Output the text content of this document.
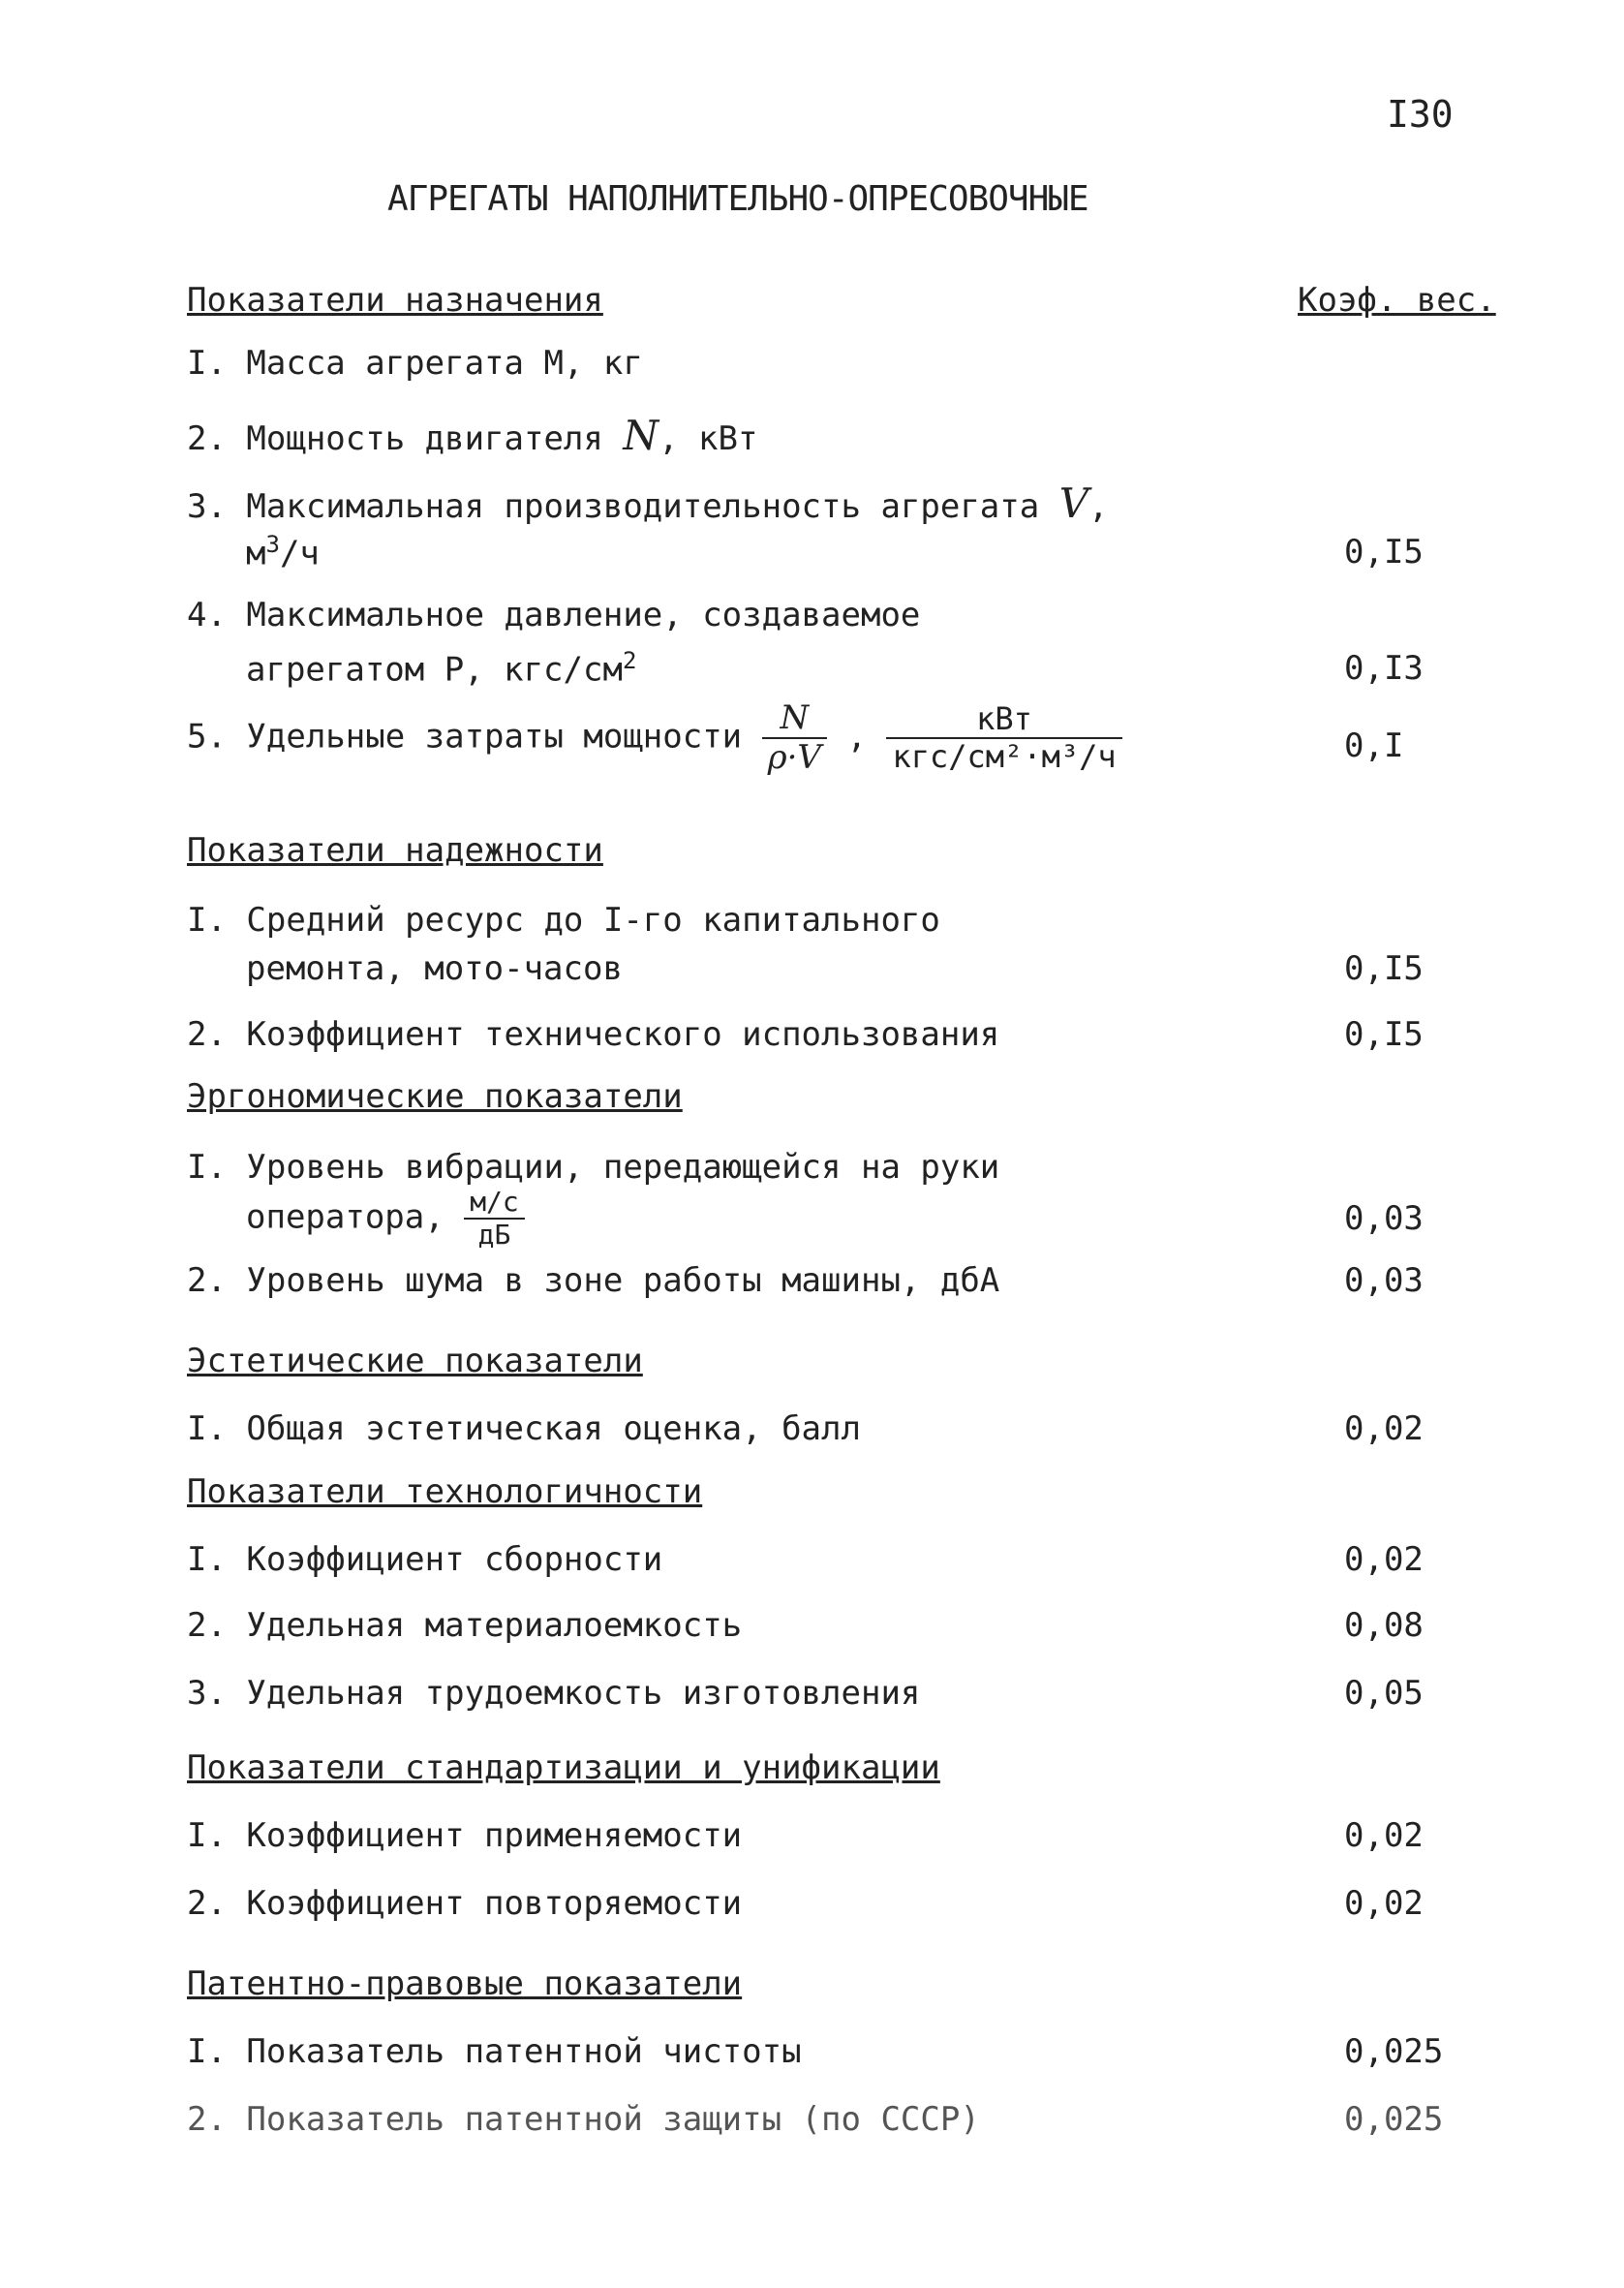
I30
АГРЕГАТЫ НАПОЛНИТЕЛЬНО-ОПРЕСОВОЧНЫЕ
Показатели назначения	Коэф. вес.
I. Масса агрегата M, кг
2. Мощность двигателя N, кВт
3. Максимальная производительность агрегата V,
$м^3/ч$	0,I5
4. Максимальное давление, создаваемое
агрегатом P, кгс/$см^2$	0,I3
5. Удельные затраты мощности $\frac{N}{\rho\cdot V}$ , $\frac{\text{кВт}}{\text{кгс/см²·м³/ч}}$	0,I
Показатели надежности
I. Средний ресурс до I-го капитального
ремонта, мото-часов	0,I5
2. Коэффициент технического использования	0,I5
Эргономические показатели
I. Уровень вибрации, передающейся на руки
оператора, $\frac{м/с}{дБ}$	0,03
2. Уровень шума в зоне работы машины, дбА	0,03
Эстетические показатели
I. Общая эстетическая оценка, балл	0,02
Показатели технологичности
I. Коэффициент сборности	0,02
2. Удельная материалоемкость	0,08
3. Удельная трудоемкость изготовления	0,05
Показатели стандартизации и унификации
I. Коэффициент применяемости	0,02
2. Коэффициент повторяемости	0,02
Патентно-правовые показатели
I. Показатель патентной чистоты	0,025
2. Показатель патентной защиты (по СССР)	0,025
